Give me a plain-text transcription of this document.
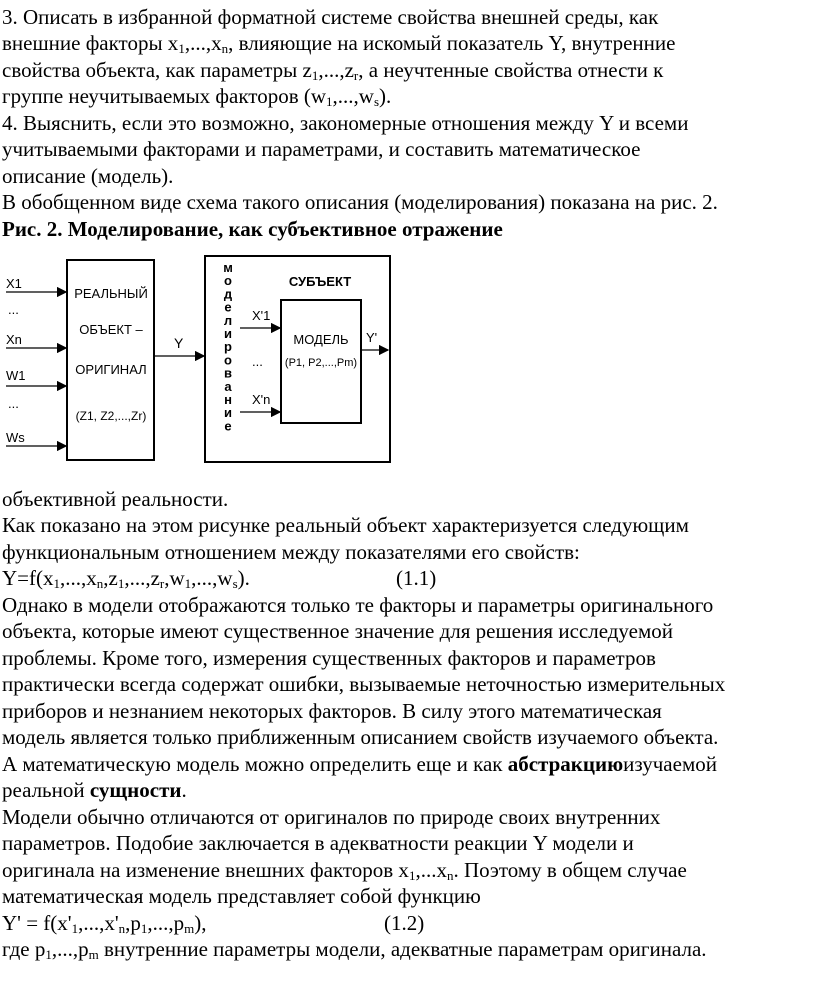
3. Описать в избранной форматной системе свойства внешней среды, как
внешние факторы $x_1,...,x_n$, влияющие на искомый показатель Y, внутренние
свойства объекта, как параметры $z_1,...,z_r$, а неучтенные свойства отнести к
группе неучитываемых факторов $(w_1,...,w_s)$.
4. Выяснить, если это возможно, закономерные отношения между Y и всеми
учитываемыми факторами и параметрами, и составить математическое
описание (модель).
В обобщенном виде схема такого описания (моделирования) показана на рис. 2.
Рис. 2. Моделирование, как субъективное отражение
X1
...
Xn
W1
...
Ws
РЕАЛЬНЫЙ
ОБЪЕКТ –
ОРИГИНАЛ
(Z1, Z2,...,Zr)
Y
СУБЪЕКТ
м
о
д
е
л
и
р
о
в
а
н
и
е
X'1
...
X'n
МОДЕЛЬ
(P1, P2,...,Pm)
Y'
объективной реальности.
Как показано на этом рисунке реальный объект характеризуется следующим
функциональным отношением между показателями его свойств:
$Y=f(x_1,...,x_n,z_1,...,z_r,w_1,...,w_s)$.	(1.1)
Однако в модели отображаются только те факторы и параметры оригинального
объекта, которые имеют существенное значение для решения исследуемой
проблемы. Кроме того, измерения существенных факторов и параметров
практически всегда содержат ошибки, вызываемые неточностью измерительных
приборов и незнанием некоторых факторов. В силу этого математическая
модель является только приближенным описанием свойств изучаемого объекта.
А математическую модель можно определить еще и как абстракциюизучаемой
реальной сущности.
Модели обычно отличаются от оригиналов по природе своих внутренних
параметров. Подобие заключается в адекватности реакции Y модели и
оригинала на изменение внешних факторов $x_1,...x_n$. Поэтому в общем случае
математическая модель представляет собой функцию
$Y' = f(x'_1,...,x'_n,p_1,...,p_m)$,	(1.2)
где $p_1,...,p_m$ внутренние параметры модели, адекватные параметрам оригинала.
